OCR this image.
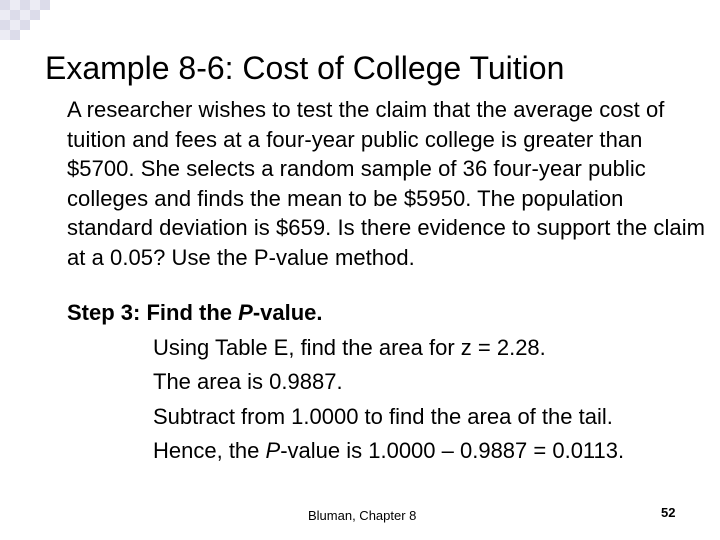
Example 8-6: Cost of College Tuition

A researcher wishes to test the claim that the average cost of tuition and fees at a four-year public college is greater than $5700. She selects a random sample of 36 four-year public colleges and finds the mean to be $5950. The population standard deviation is $659. Is there evidence to support the claim at a 0.05? Use the P-value method.

Step 3: Find the P-value.
Using Table E, find the area for z = 2.28.
The area is 0.9887.
Subtract from 1.0000 to find the area of the tail.
Hence, the P-value is 1.0000 – 0.9887 = 0.0113.
Bluman, Chapter 8	52
